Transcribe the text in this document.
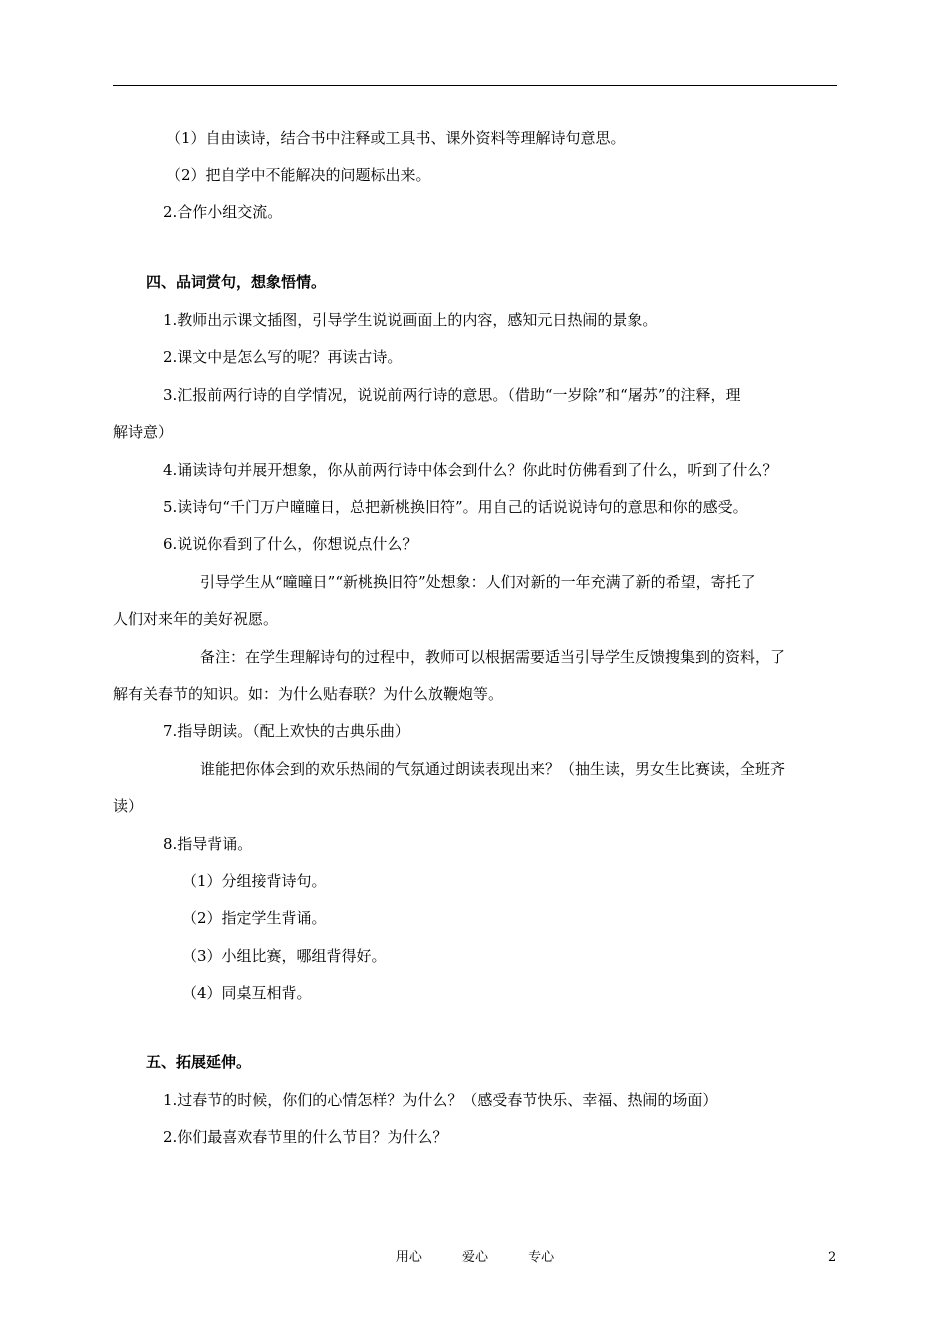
（1）自由读诗，结合书中注释或工具书、课外资料等理解诗句意思。
（2）把自学中不能解决的问题标出来。
2.合作小组交流。
四、品词赏句，想象悟情。
1.教师出示课文插图，引导学生说说画面上的内容，感知元日热闹的景象。
2.课文中是怎么写的呢？再读古诗。
3.汇报前两行诗的自学情况，说说前两行诗的意思。（借助“一岁除”和“屠苏”的注释，理
解诗意）
4.诵读诗句并展开想象，你从前两行诗中体会到什么？你此时仿佛看到了什么，听到了什么？
5.读诗句“千门万户曈曈日，总把新桃换旧符”。用自己的话说说诗句的意思和你的感受。
6.说说你看到了什么，你想说点什么？
引导学生从“曈曈日”“新桃换旧符”处想象：人们对新的一年充满了新的希望，寄托了
人们对来年的美好祝愿。
备注：在学生理解诗句的过程中，教师可以根据需要适当引导学生反馈搜集到的资料，了
解有关春节的知识。如：为什么贴春联？为什么放鞭炮等。
7.指导朗读。（配上欢快的古典乐曲）
谁能把你体会到的欢乐热闹的气氛通过朗读表现出来？（抽生读，男女生比赛读，全班齐
读）
8.指导背诵。
（1）分组接背诗句。
（2）指定学生背诵。
（3）小组比赛，哪组背得好。
（4）同桌互相背。
五、拓展延伸。
1.过春节的时候，你们的心情怎样？为什么？（感受春节快乐、幸福、热闹的场面）
2.你们最喜欢春节里的什么节目？为什么？
用心	爱心	专心	2
